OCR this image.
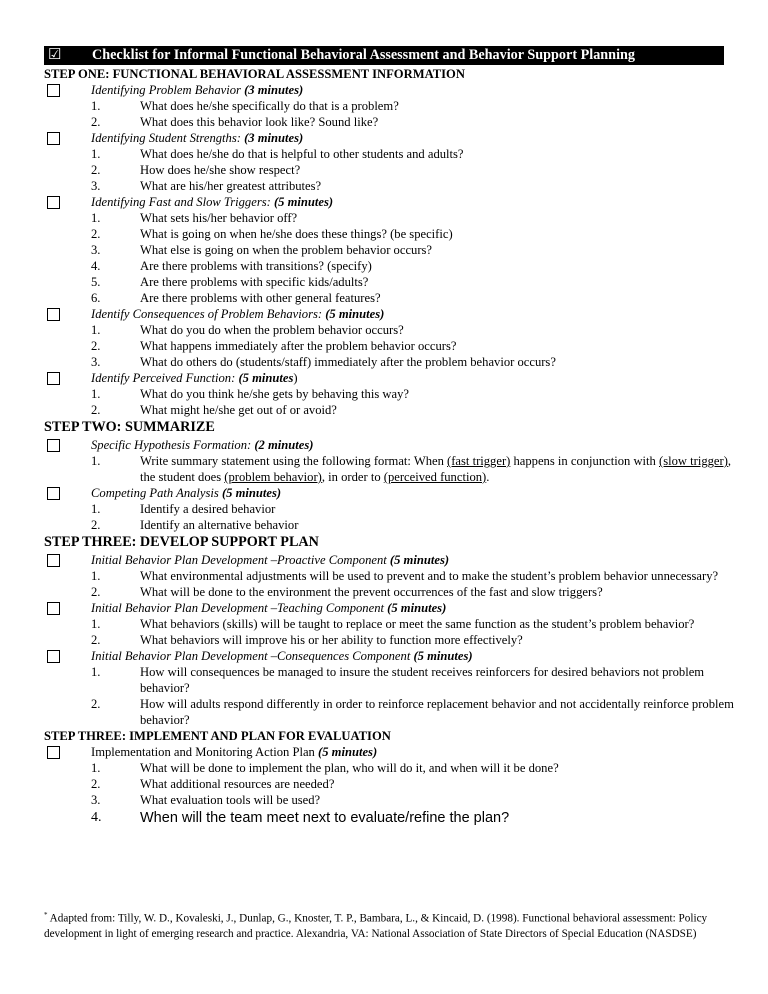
☑ Checklist for Informal Functional Behavioral Assessment and Behavior Support Planning
STEP ONE: FUNCTIONAL BEHAVIORAL ASSESSMENT INFORMATION
Identifying Problem Behavior (3 minutes)
1.	What does he/she specifically do that is a problem?
2.	What does this behavior look like? Sound like?
Identifying Student Strengths: (3 minutes)
1.	What does he/she do that is helpful to other students and adults?
2.	How does he/she show respect?
3.	What are his/her greatest attributes?
Identifying Fast and Slow Triggers: (5 minutes)
1.	What sets his/her behavior off?
2.	What is going on when he/she does these things? (be specific)
3.	What else is going on when the problem behavior occurs?
4.	Are there problems with transitions? (specify)
5.	Are there problems with specific kids/adults?
6.	Are there problems with other general features?
Identify Consequences of Problem Behaviors: (5 minutes)
1.	What do you do when the problem behavior occurs?
2.	What happens immediately after the problem behavior occurs?
3.	What do others do (students/staff) immediately after the problem behavior occurs?
Identify Perceived Function: (5 minutes)
1.	What do you think he/she gets by behaving this way?
2.	What might he/she get out of or avoid?
STEP TWO: SUMMARIZE
Specific Hypothesis Formation: (2 minutes)
1.	Write summary statement using the following format: When (fast trigger) happens in conjunction with (slow trigger), the student does (problem behavior), in order to (perceived function).
Competing Path Analysis (5 minutes)
1.	Identify a desired behavior
2.	Identify an alternative behavior
STEP THREE: DEVELOP SUPPORT PLAN
Initial Behavior Plan Development –Proactive Component (5 minutes)
1.	What environmental adjustments will be used to prevent and to make the student’s problem behavior unnecessary?
2.	What will be done to the environment the prevent occurrences of the fast and slow triggers?
Initial Behavior Plan Development –Teaching Component (5 minutes)
1.	What behaviors (skills) will be taught to replace or meet the same function as the student’s problem behavior?
2.	What behaviors will improve his or her ability to function more effectively?
Initial Behavior Plan Development –Consequences Component (5 minutes)
1.	How will consequences be managed to insure the student receives reinforcers for desired behaviors not problem behavior?
2.	How will adults respond differently in order to reinforce replacement behavior and not accidentally reinforce problem behavior?
STEP THREE: IMPLEMENT AND PLAN FOR EVALUATION
Implementation and Monitoring Action Plan (5 minutes)
1.	What will be done to implement the plan, who will do it, and when will it be done?
2.	What additional resources are needed?
3.	What evaluation tools will be used?
4.	When will the team meet next to evaluate/refine the plan?
* Adapted from: Tilly, W. D., Kovaleski, J., Dunlap, G., Knoster, T. P., Bambara, L., & Kincaid, D. (1998). Functional behavioral assessment: Policy development in light of emerging research and practice. Alexandria, VA: National Association of State Directors of Special Education (NASDSE)
